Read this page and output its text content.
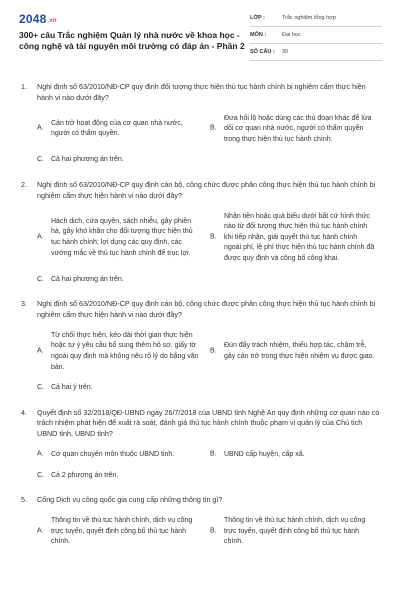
2048.vn
300+ câu Trắc nghiệm Quản lý nhà nước về khoa học - công nghệ và tài nguyên môi trường có đáp án - Phần 2
LỚP :	Trắc nghiệm tổng hợp
MÔN :	Đại học
SỐ CÂU : 30
1. Nghị định số 63/2010/NĐ-CP quy định đối tượng thực hiện thủ tục hành chính bị nghiêm cấm thực hiện hành vi nào dưới đây?
A.
Cản trở hoạt động của cơ quan nhà nước, người có thẩm quyền.
B.
Đưa hối lộ hoặc dùng các thủ đoạn khác để lừa dối cơ quan nhà nước, người có thẩm quyền trong thực hiện thủ tục hành chính.
C. Cả hai phương án trên.
2. Nghị định số 63/2010/NĐ-CP quy định cán bộ, công chức được phân công thực hiện thủ tục hành chính bị nghiêm cấm thực hiện hành vi nào dưới đây?
A.
Hách dịch, cửa quyền, sách nhiễu, gây phiền hà, gây khó khăn cho đối tượng thực hiện thủ tục hành chính; lợi dụng các quy định, các vướng mắc về thủ tục hành chính để trục lợi.
B.
Nhận tiền hoặc quà biếu dưới bất cứ hình thức nào từ đối tượng thực hiện thủ tục hành chính khi tiếp nhận, giải quyết thủ tục hành chính ngoài phí, lệ phí thực hiện thủ tục hành chính đã được quy định và công bố công khai.
C. Cả hai phương án trên.
3. Nghị định số 63/2010/NĐ-CP quy định cán bộ, công chức được phân công thực hiện thủ tục hành chính bị nghiêm cấm thực hiện hành vi nào dưới đây?
A.
Từ chối thực hiện, kéo dài thời gian thực hiện hoặc tự ý yêu cầu bổ sung thêm hồ sơ, giấy tờ ngoài quy định mà không nêu rõ lý do bằng văn bản.
B.
Đùn đẩy trách nhiệm, thiếu hợp tác, chậm trễ, gây cản trở trong thực hiện nhiệm vụ được giao.
C. Cả hai ý trên.
4. Quyết định số 32/2018/QĐ-UBND ngày 26/7/2018 của UBND tỉnh Nghệ An quy định những cơ quan nào có trách nhiệm phát hiện để xuất rà soát, đánh giá thủ tục hành chính thuộc phạm vi quản lý của Chủ tịch UBND tỉnh, UBND tỉnh?
A. Cơ quan chuyên môn thuộc UBND tỉnh.	B. UBND cấp huyện, cấp xã.
C. Cả 2 phương án trên.
5. Cổng Dịch vụ công quốc gia cung cấp những thông tin gì?
A.
Thông tin về thủ tục hành chính, dịch vụ công trực tuyến, quyết định công bố thủ tục hành chính.
B.
Thông tin về thủ tục hành chính, dịch vụ công trực tuyến, quyết định công bố thủ tục hành chính.
